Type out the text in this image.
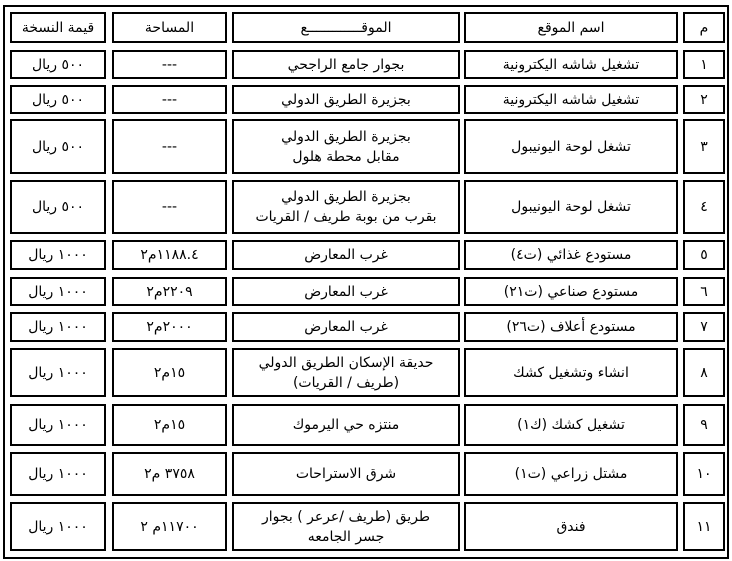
م
اسم الموقع
الموقـــــــــــــع
المساحة
قيمة النسخة
١
تشغيل شاشه اليكترونية
بجوار جامع الراجحي
---
٥٠٠ ريال
٢
تشغيل شاشه اليكترونية
بجزيرة الطريق الدولي
---
٥٠٠ ريال
٣
تشغل لوحة اليونيبول
بجزيرة الطريق الدولي
مقابل محطة هلول
---
٥٠٠ ريال
٤
تشغل لوحة اليونيبول
بجزيرة الطريق الدولي
بقرب من بوبة طريف / القريات
---
٥٠٠ ريال
٥
مستودع غذائي (ت٤)
غرب المعارض
١١٨٨.٤م٢
١٠٠٠ ريال
٦
مستودع صناعي (ت٢١)
غرب المعارض
٢٢٠٩م٢
١٠٠٠ ريال
٧
مستودع أعلاف (ت٢٦)
غرب المعارض
٢٠٠٠م٢
١٠٠٠ ريال
٨
انشاء وتشغيل كشك
حديقة الإسكان الطريق الدولي
(طريف / القريات)
١٥م٢
١٠٠٠ ريال
٩
تشغيل كشك (ك١)
منتزه حي اليرموك
١٥م٢
١٠٠٠ ريال
١٠
مشتل زراعي (ت١)
شرق الاستراحات
٣٧٥٨ م٢
١٠٠٠ ريال
١١
فندق
طريق (طريف /عرعر ) بجوار
جسر الجامعه
١١٧٠٠م ٢
١٠٠٠ ريال
